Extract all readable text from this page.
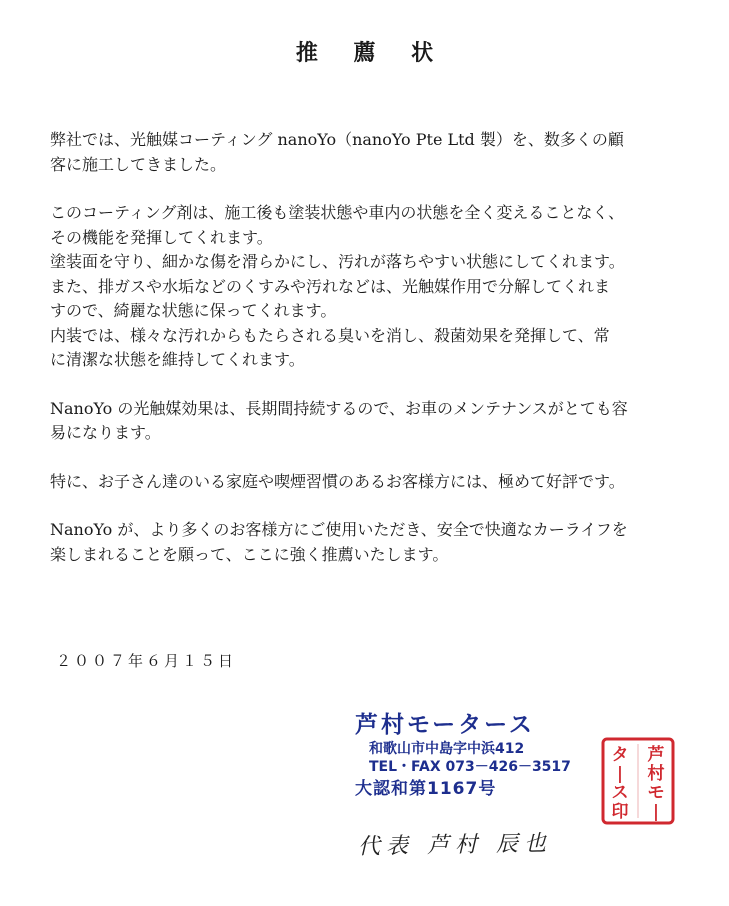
推 薦 状

弊社では、光触媒コーティング nanoYo（nanoYo Pte Ltd 製）を、数多くの顧
客に施工してきました。

このコーティング剤は、施工後も塗装状態や車内の状態を全く変えることなく、
その機能を発揮してくれます。
塗装面を守り、細かな傷を滑らかにし、汚れが落ちやすい状態にしてくれます。
また、排ガスや水垢などのくすみや汚れなどは、光触媒作用で分解してくれま
すので、綺麗な状態に保ってくれます。
内装では、様々な汚れからもたらされる臭いを消し、殺菌効果を発揮して、常
に清潔な状態を維持してくれます。

NanoYo の光触媒効果は、長期間持続するので、お車のメンテナンスがとても容
易になります。

特に、お子さん達のいる家庭や喫煙習慣のあるお客様方には、極めて好評です。

NanoYo が、より多くのお客様方にご使用いただき、安全で快適なカーライフを
楽しまれることを願って、ここに強く推薦いたします。

２００７年６月１５日
芦村モータース
和歌山市中島字中浜412
TEL・FAX 073－426－3517
大認和第1167号
代表 芦村 辰也
芦
村
モ
|
タ
|
ス
印
